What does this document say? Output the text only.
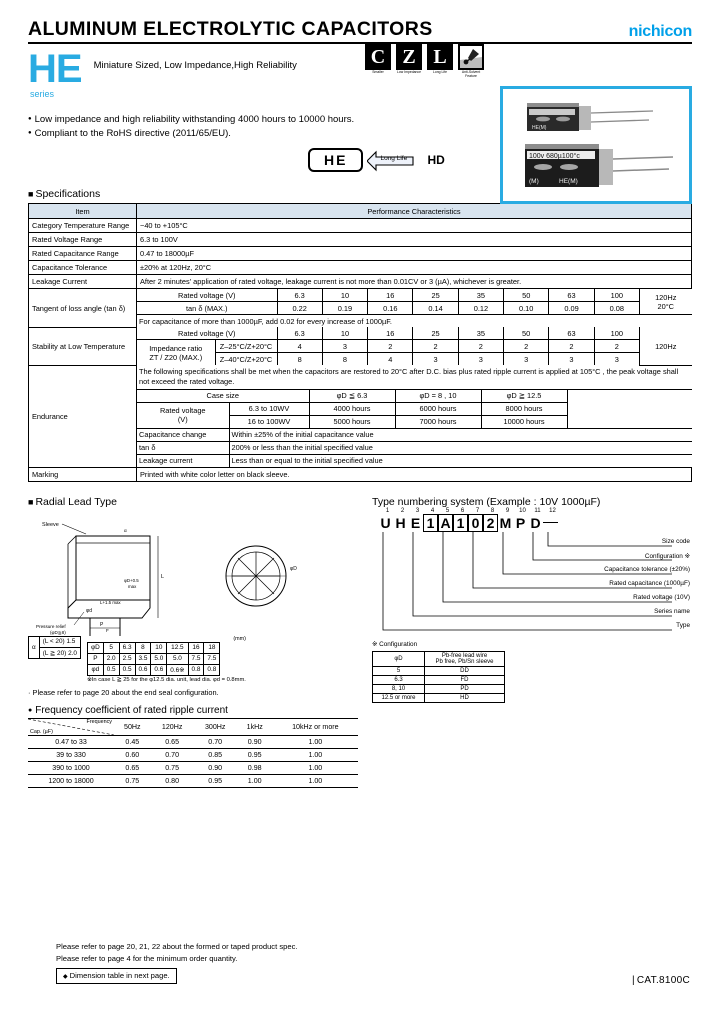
ALUMINUM ELECTROLYTIC CAPACITORS	nichicon
HE
series
Miniature Sized, Low Impedance,High Reliability	C
Smaller
Z
Low Impedance
L
Long Life	Anti-Solvent Feature
● Low impedance and high reliability withstanding 4000 hours to 10000 hours.
● Compliant to the RoHS directive (2011/65/EU).
HE	Long Life HD
HE(M)
100v 680µ100°c
(M)	HE(M)
■ Specifications
Item	Performance Characteristics
Category Temperature Range	−40 to +105°C
Rated Voltage Range	6.3 to 100V
Rated Capacitance Range	0.47 to 18000µF
Capacitance Tolerance	±20% at 120Hz, 20°C
Leakage Current	After 2 minutes' application of rated voltage, leakage current is not more than 0.01CV or 3 (µA), whichever is greater.
Tangent of loss angle (tan δ)	
Rated voltage (V)	6.3	10	16	25	35	50	63	100	120Hz
20°C

tan δ (MAX.)	0.22	0.19	0.16	0.14	0.12	0.10	0.09	0.08
For capacitance of more than 1000µF, add 0.02 for every increase of 1000µF.

Stability at Low Temperature	
Rated voltage (V)	6.3	10	16	25	35	50	63	100	120Hz

Impedance ratio
ZT / Z20 (MAX.)
	Z–25°C/Z+20°C	4	3	2	2	2	2	2	2
Z–40°C/Z+20°C	8	8	4	3	3	3	3	3

Endurance	
The following specifications shall be met when the capacitors are restored to 20°C after D.C. bias plus rated ripple current is applied at 105°C , the peak voltage shall not exceed the rated voltage.
Case size	φD ≦ 6.3	φD = 8 , 10	φD ≧ 12.5	

Rated voltage
(V)
	6.3 to 10WV	4000 hours	6000 hours	8000 hours
16 to 100WV	5000 hours	7000 hours	10000 hours
Capacitance change	Within ±25% of the initial capacitance value
tan δ	200% or less than the initial specified value
Leakage current	Less than or equal to the initial specified value

Marking	Printed with white color letter on black sleeve.
■ Radial Lead Type
Sleeve
φd
P
L
α
F
Pressure relief
(φD≧8)
L+1.5 max
φD+0.5
max
φD
α	(L < 20) 1.5
(L ≧ 20) 2.0
(mm)
φD	5	6.3	8	10	12.5	16	18
P	2.0	2.5	3.5	5.0	5.0	7.5	7.5
φd	0.5	0.5	0.6	0.6	0.6※	0.8	0.8
※In case L ≧ 25 for the φ12.5 dia. unit, lead dia. φd = 0.8mm.
· Please refer to page 20 about the end seal configuration.
● Frequency coefficient of rated ripple current
Cap. (µF)
Frequency	50Hz	120Hz	300Hz	1kHz	10kHz or more
0.47 to 33	0.45	0.65	0.70	0.90	1.00
39 to 330	0.60	0.70	0.85	0.95	1.00
390 to 1000	0.65	0.75	0.90	0.98	1.00
1200 to 18000	0.75	0.80	0.95	1.00	1.00
Type numbering system (Example : 10V 1000µF)
1	2	3	4	5	6	7	8	9	10	11	12
U H E 1 A 1 0 2 M P D
Size code
Configuration ※
Capacitance tolerance (±20%)
Rated capacitance (1000µF)
Rated voltage (10V)
Series name
Type
※ Configuration
φD	Pb-free lead wire
Pb free, Pb/Sn sleeve

5	DD
6.3	FD
8, 10	PD
12.5 or more	HD
Please refer to page 20, 21, 22 about the formed or taped product spec.
Please refer to page 4 for the minimum order quantity.
◆ Dimension table in next page.	| CAT.8100C
